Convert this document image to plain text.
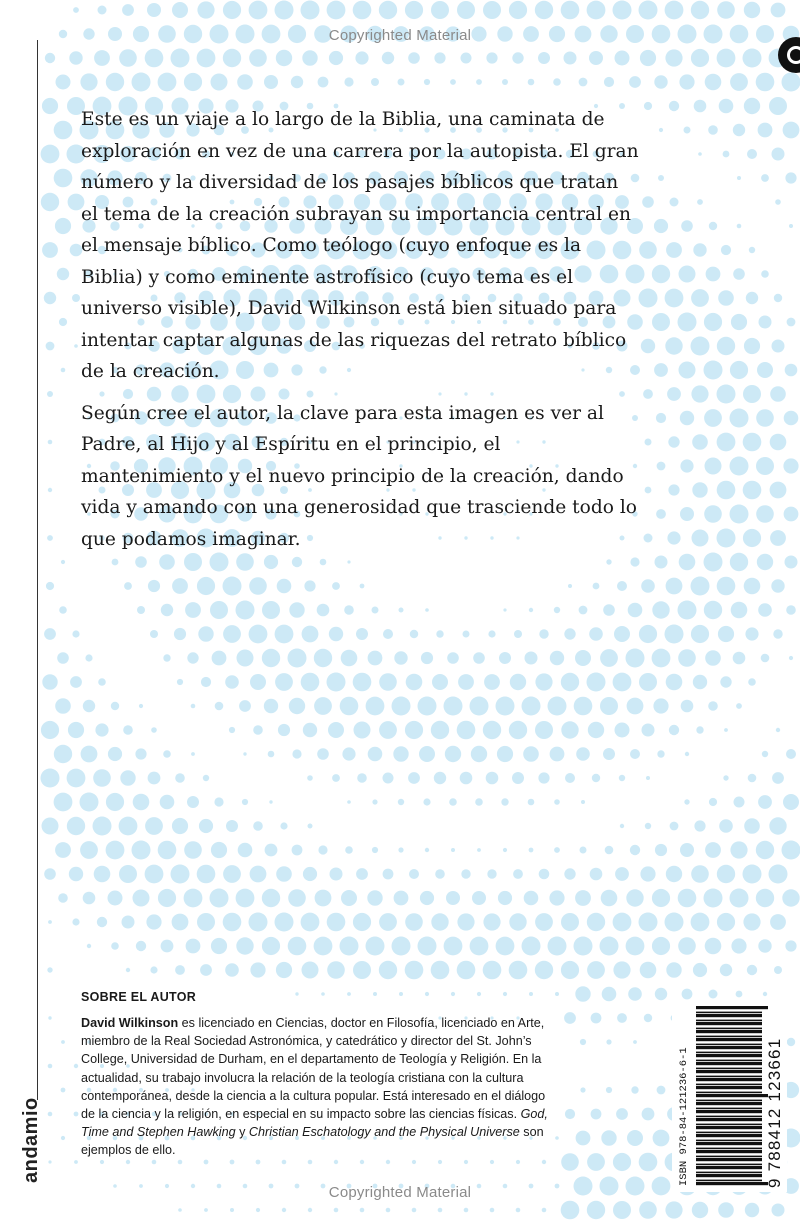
Copyrighted Material

Este es un viaje a lo largo de la Biblia, una caminata de exploración en vez de una carrera por la autopista. El gran número y la diversidad de los pasajes bíblicos que tratan el tema de la creación subrayan su importancia central en el mensaje bíblico. Como teólogo (cuyo enfoque es la Biblia) y como eminente astrofísico (cuyo tema es el universo visible), David Wilkinson está bien situado para intentar captar algunas de las riquezas del retrato bíblico de la creación.

Según cree el autor, la clave para esta imagen es ver al Padre, al Hijo y al Espíritu en el principio, el mantenimiento y el nuevo principio de la creación, dando vida y amando con una generosidad que trasciende todo lo que podamos imaginar.

SOBRE EL AUTOR
David Wilkinson es licenciado en Ciencias, doctor en Filosofía, licenciado en Arte, miembro de la Real Sociedad Astronómica, y catedrático y director del St. John’s College, Universidad de Durham, en el departamento de Teología y Religión. En la actualidad, su trabajo involucra la relación de la teología cristiana con la cultura contemporánea, desde la ciencia a la cultura popular. Está interesado en el diálogo de la ciencia y la religión, en especial en su impacto sobre las ciencias físicas. God, Time and Stephen Hawking y Christian Eschatology and the Physical Universe son ejemplos de ello.
andamio	ISBN 978-84-121236-6-1	9 788412 123661
Copyrighted Material
